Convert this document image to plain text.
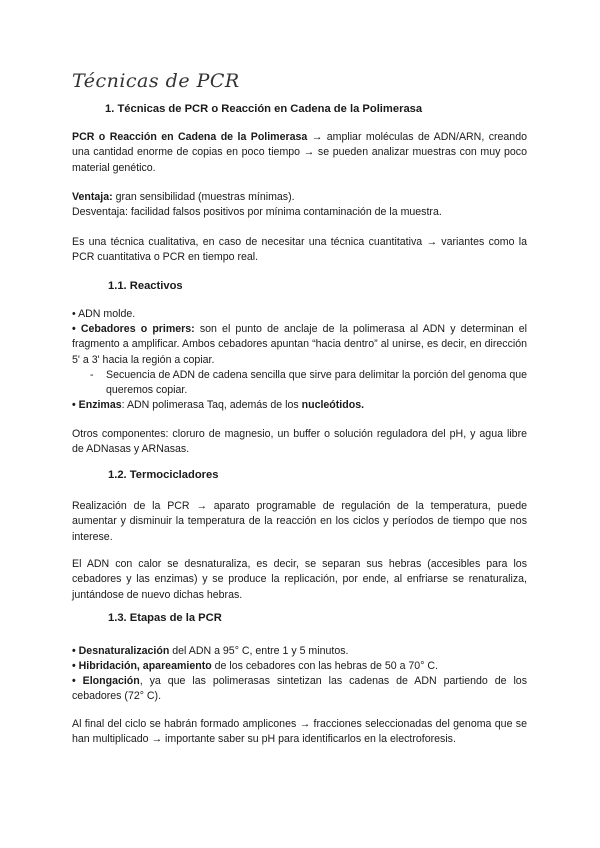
Técnicas de PCR

1. Técnicas de PCR o Reacción en Cadena de la Polimerasa

PCR o Reacción en Cadena de la Polimerasa → ampliar moléculas de ADN/ARN, creando una cantidad enorme de copias en poco tiempo → se pueden analizar muestras con muy poco material genético.

Ventaja: gran sensibilidad (muestras mínimas).

Desventaja: facilidad falsos positivos por mínima contaminación de la muestra.

Es una técnica cualitativa, en caso de necesitar una técnica cuantitativa → variantes como la PCR cuantitativa o PCR en tiempo real.

1.1. Reactivos

• ADN molde.

• Cebadores o primers: son el punto de anclaje de la polimerasa al ADN y determinan el fragmento a amplificar. Ambos cebadores apuntan “hacia dentro” al unirse, es decir, en dirección 5' a 3' hacia la región a copiar.

-	Secuencia de ADN de cadena sencilla que sirve para delimitar la porción del genoma que queremos copiar.

• Enzimas: ADN polimerasa Taq, además de los nucleótidos.

Otros componentes: cloruro de magnesio, un buffer o solución reguladora del pH, y agua libre de ADNasas y ARNasas.

1.2. Termocicladores

Realización de la PCR → aparato programable de regulación de la temperatura, puede aumentar y disminuir la temperatura de la reacción en los ciclos y períodos de tiempo que nos interese.

El ADN con calor se desnaturaliza, es decir, se separan sus hebras (accesibles para los cebadores y las enzimas) y se produce la replicación, por ende, al enfriarse se renaturaliza, juntándose de nuevo dichas hebras.

1.3. Etapas de la PCR

• Desnaturalización del ADN a 95° C, entre 1 y 5 minutos.

• Hibridación, apareamiento de los cebadores con las hebras de 50 a 70° C.

• Elongación, ya que las polimerasas sintetizan las cadenas de ADN partiendo de los cebadores (72° C).

Al final del ciclo se habrán formado amplicones → fracciones seleccionadas del genoma que se han multiplicado → importante saber su pH para identificarlos en la electroforesis.
